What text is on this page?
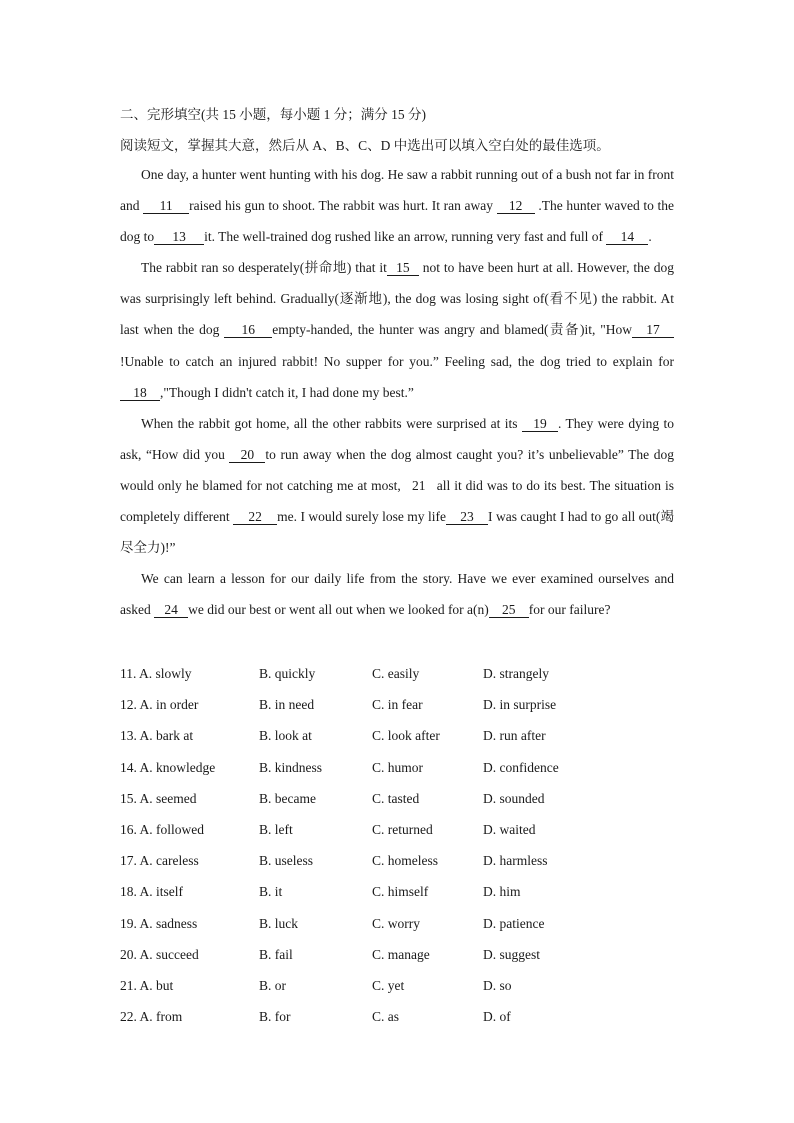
二、完形填空(共 15 小题，每小题 1 分；满分 15 分)
阅读短文，掌握其大意，然后从 A、B、C、D 中选出可以填入空白处的最佳选项。

One day, a hunter went hunting with his dog. He saw a rabbit running out of a bush not far in front and 11 raised his gun to shoot. The rabbit was hurt. It ran away 12 .The hunter waved to the dog to 13 it. The well-trained dog rushed like an arrow, running very fast and full of 14 .

The rabbit ran so desperately(拼命地) that it 15 not to have been hurt at all. However, the dog was surprisingly left behind. Gradually(逐渐地), the dog was losing sight of(看不见) the rabbit. At last when the dog 16 empty-handed, the hunter was angry and blamed(责备)it, "How 17!Unable to catch an injured rabbit! No supper for you.” Feeling sad, the dog tried to explain for 18 ,"Though I didn't catch it, I had done my best.”

When the rabbit got home, all the other rabbits were surprised at its 19 . They were dying to ask, “How did you 20 to run away when the dog almost caught you? it’s unbelievable” The dog would only he blamed for not catching me at most, 21 all it did was to do its best. The situation is completely different 22 me. I would surely lose my life 23 I was caught I had to go all out(竭尽全力)!”

We can learn a lesson for our daily life from the story. Have we ever examined ourselves and asked 24 we did our best or went all out when we looked for a(n) 25 for our failure?

11. A. slowly	B. quickly	C. easily	D. strangely
12. A. in order	B. in need	C. in fear	D. in surprise
13. A. bark at	B. look at	C. look after	D. run after
14. A. knowledge	B. kindness	C. humor	D. confidence
15. A. seemed	B. became	C. tasted	D. sounded
16. A. followed	B. left	C. returned	D. waited
17. A. careless	B. useless	C. homeless	D. harmless
18. A. itself	B. it	C. himself	D. him
19. A. sadness	B. luck	C. worry	D. patience
20. A. succeed	B. fail	C. manage	D. suggest
21. A. but	B. or	C. yet	D. so
22. A. from	B. for	C. as	D. of
